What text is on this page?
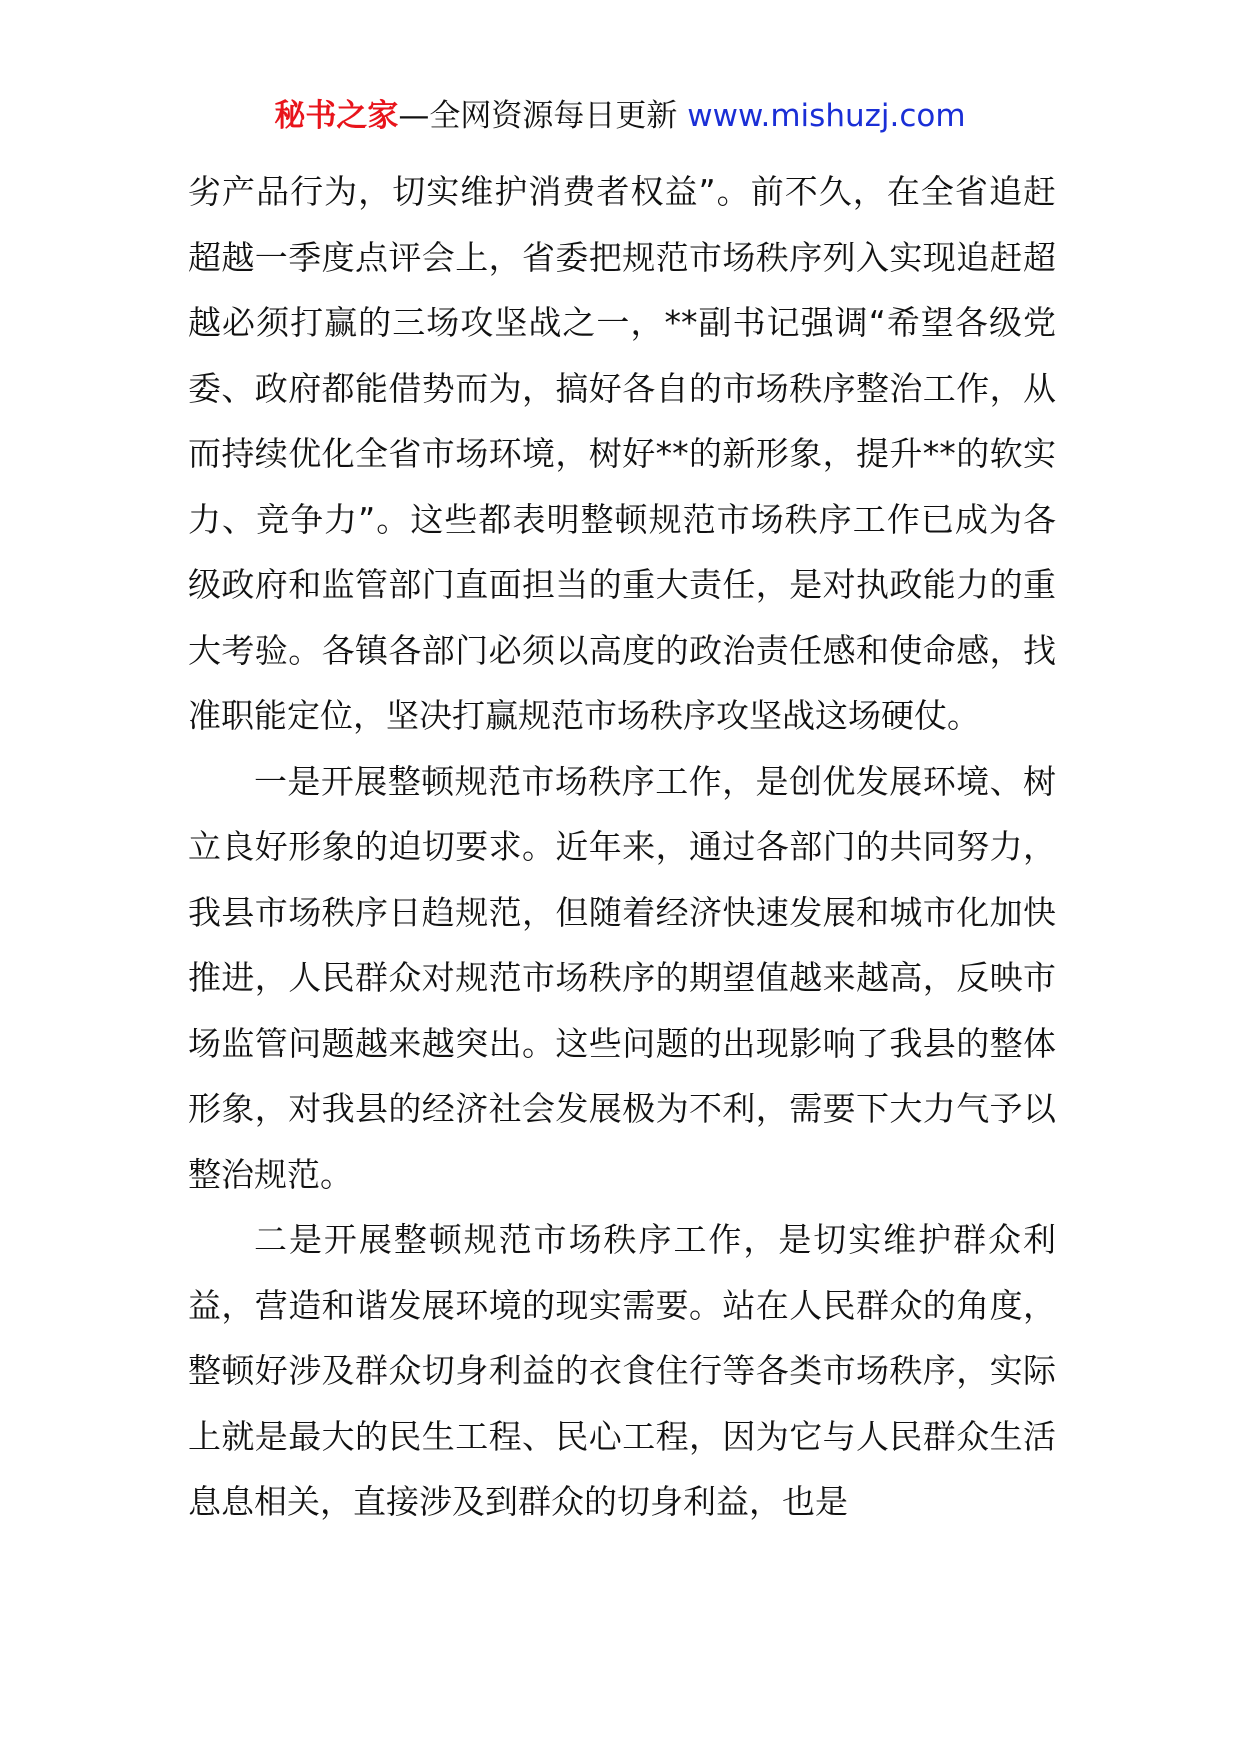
秘书之家—全网资源每日更新 www.mishuzj.com

劣产品行为，切实维护消费者权益”。前不久，在全省追赶超越一季度点评会上，省委把规范市场秩序列入实现追赶超越必须打赢的三场攻坚战之一，**副书记强调“希望各级党委、政府都能借势而为，搞好各自的市场秩序整治工作，从而持续优化全省市场环境，树好**的新形象，提升**的软实力、竞争力”。这些都表明整顿规范市场秩序工作已成为各级政府和监管部门直面担当的重大责任，是对执政能力的重大考验。各镇各部门必须以高度的政治责任感和使命感，找准职能定位，坚决打赢规范市场秩序攻坚战这场硬仗。

一是开展整顿规范市场秩序工作，是创优发展环境、树立良好形象的迫切要求。近年来，通过各部门的共同努力，我县市场秩序日趋规范，但随着经济快速发展和城市化加快推进，人民群众对规范市场秩序的期望值越来越高，反映市场监管问题越来越突出。这些问题的出现影响了我县的整体形象，对我县的经济社会发展极为不利，需要下大力气予以整治规范。

二是开展整顿规范市场秩序工作，是切实维护群众利益，营造和谐发展环境的现实需要。站在人民群众的角度，整顿好涉及群众切身利益的衣食住行等各类市场秩序，实际上就是最大的民生工程、民心工程，因为它与人民群众生活息息相关，直接涉及到群众的切身利益，也是
